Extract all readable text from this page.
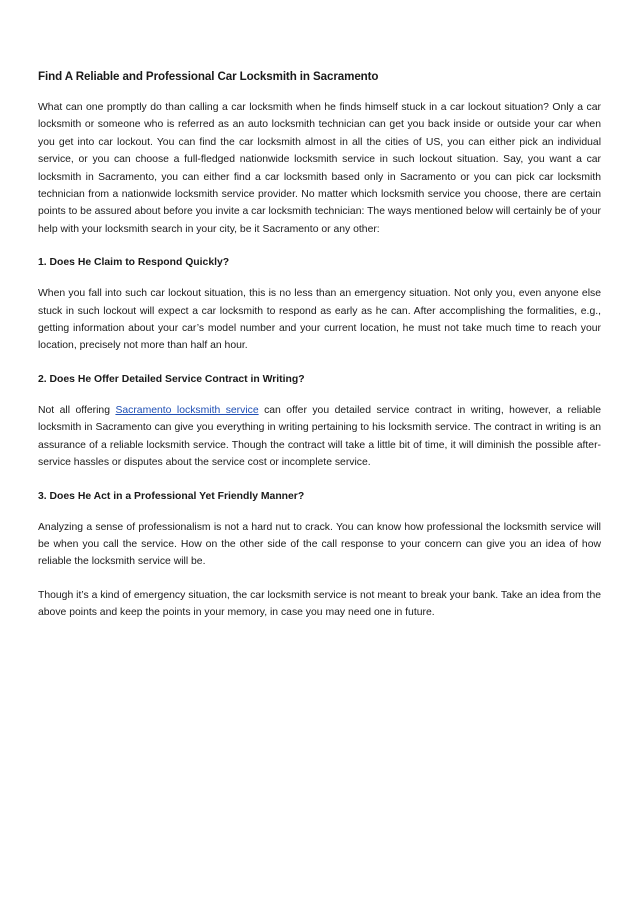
Find A Reliable and Professional Car Locksmith in Sacramento

What can one promptly do than calling a car locksmith when he finds himself stuck in a car lockout situation? Only a car locksmith or someone who is referred as an auto locksmith technician can get you back inside or outside your car when you get into car lockout. You can find the car locksmith almost in all the cities of US, you can either pick an individual service, or you can choose a full-fledged nationwide locksmith service in such lockout situation. Say, you want a car locksmith in Sacramento, you can either find a car locksmith based only in Sacramento or you can pick car locksmith technician from a nationwide locksmith service provider. No matter which locksmith service you choose, there are certain points to be assured about before you invite a car locksmith technician: The ways mentioned below will certainly be of your help with your locksmith search in your city, be it Sacramento or any other:

1. Does He Claim to Respond Quickly?

When you fall into such car lockout situation, this is no less than an emergency situation. Not only you, even anyone else stuck in such lockout will expect a car locksmith to respond as early as he can. After accomplishing the formalities, e.g., getting information about your car’s model number and your current location, he must not take much time to reach your location, precisely not more than half an hour.

2. Does He Offer Detailed Service Contract in Writing?

Not all offering Sacramento locksmith service can offer you detailed service contract in writing, however, a reliable locksmith in Sacramento can give you everything in writing pertaining to his locksmith service. The contract in writing is an assurance of a reliable locksmith service. Though the contract will take a little bit of time, it will diminish the possible after-service hassles or disputes about the service cost or incomplete service.

3. Does He Act in a Professional Yet Friendly Manner?

Analyzing a sense of professionalism is not a hard nut to crack. You can know how professional the locksmith service will be when you call the service. How on the other side of the call response to your concern can give you an idea of how reliable the locksmith service will be.

Though it’s a kind of emergency situation, the car locksmith service is not meant to break your bank. Take an idea from the above points and keep the points in your memory, in case you may need one in future.
